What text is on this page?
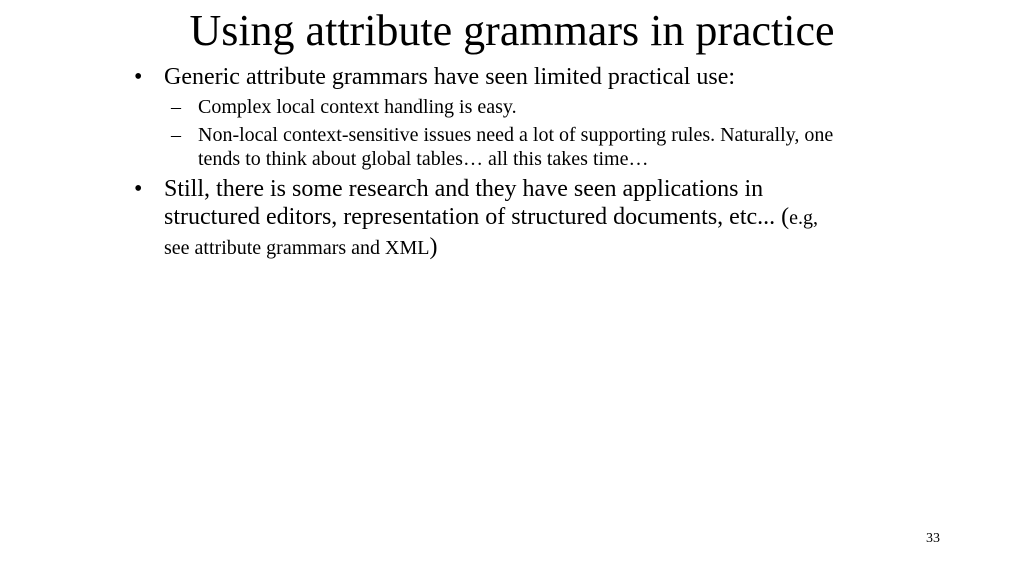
Using attribute grammars in practice
• Generic attribute grammars have seen limited practical use:
– Complex local context handling is easy.
– Non-local context-sensitive issues need a lot of supporting rules. Naturally, one
tends to think about global tables… all this takes time…
• Still, there is some research and they have seen applications in
structured editors, representation of structured documents, etc... (e.g,
see attribute grammars and XML)
33
